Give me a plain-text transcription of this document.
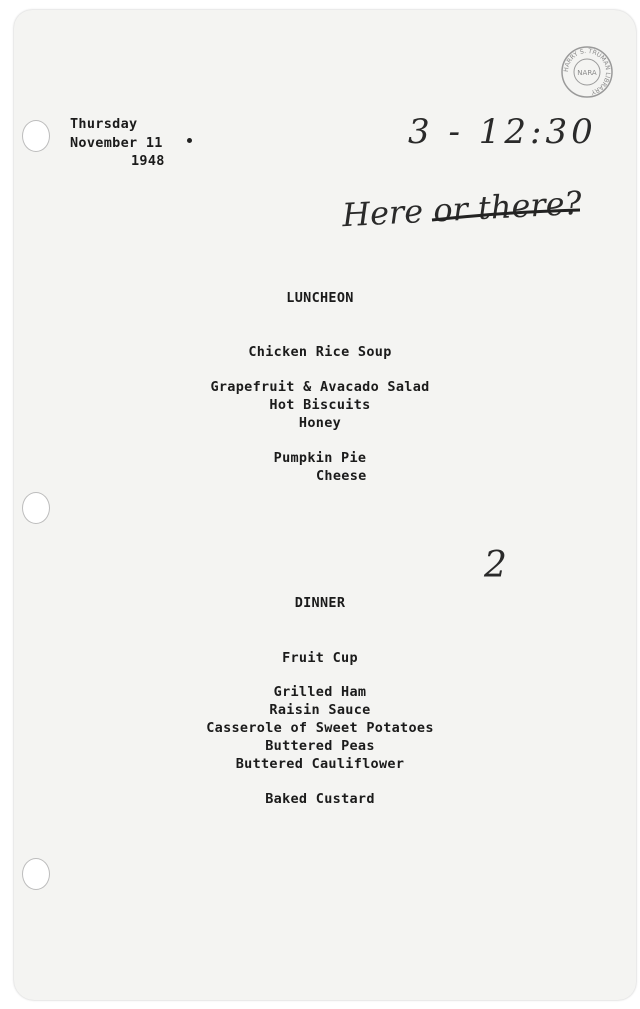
HARRY S. TRUMAN LIBRARY
NARA
Thursday
November 11
1948
3 - 12:30
Here or there?
2
LUNCHEON
Chicken Rice Soup
Grapefruit & Avacado Salad
Hot Biscuits
Honey
Pumpkin Pie
Cheese
DINNER
Fruit Cup
Grilled Ham
Raisin Sauce
Casserole of Sweet Potatoes
Buttered Peas
Buttered Cauliflower
Baked Custard
